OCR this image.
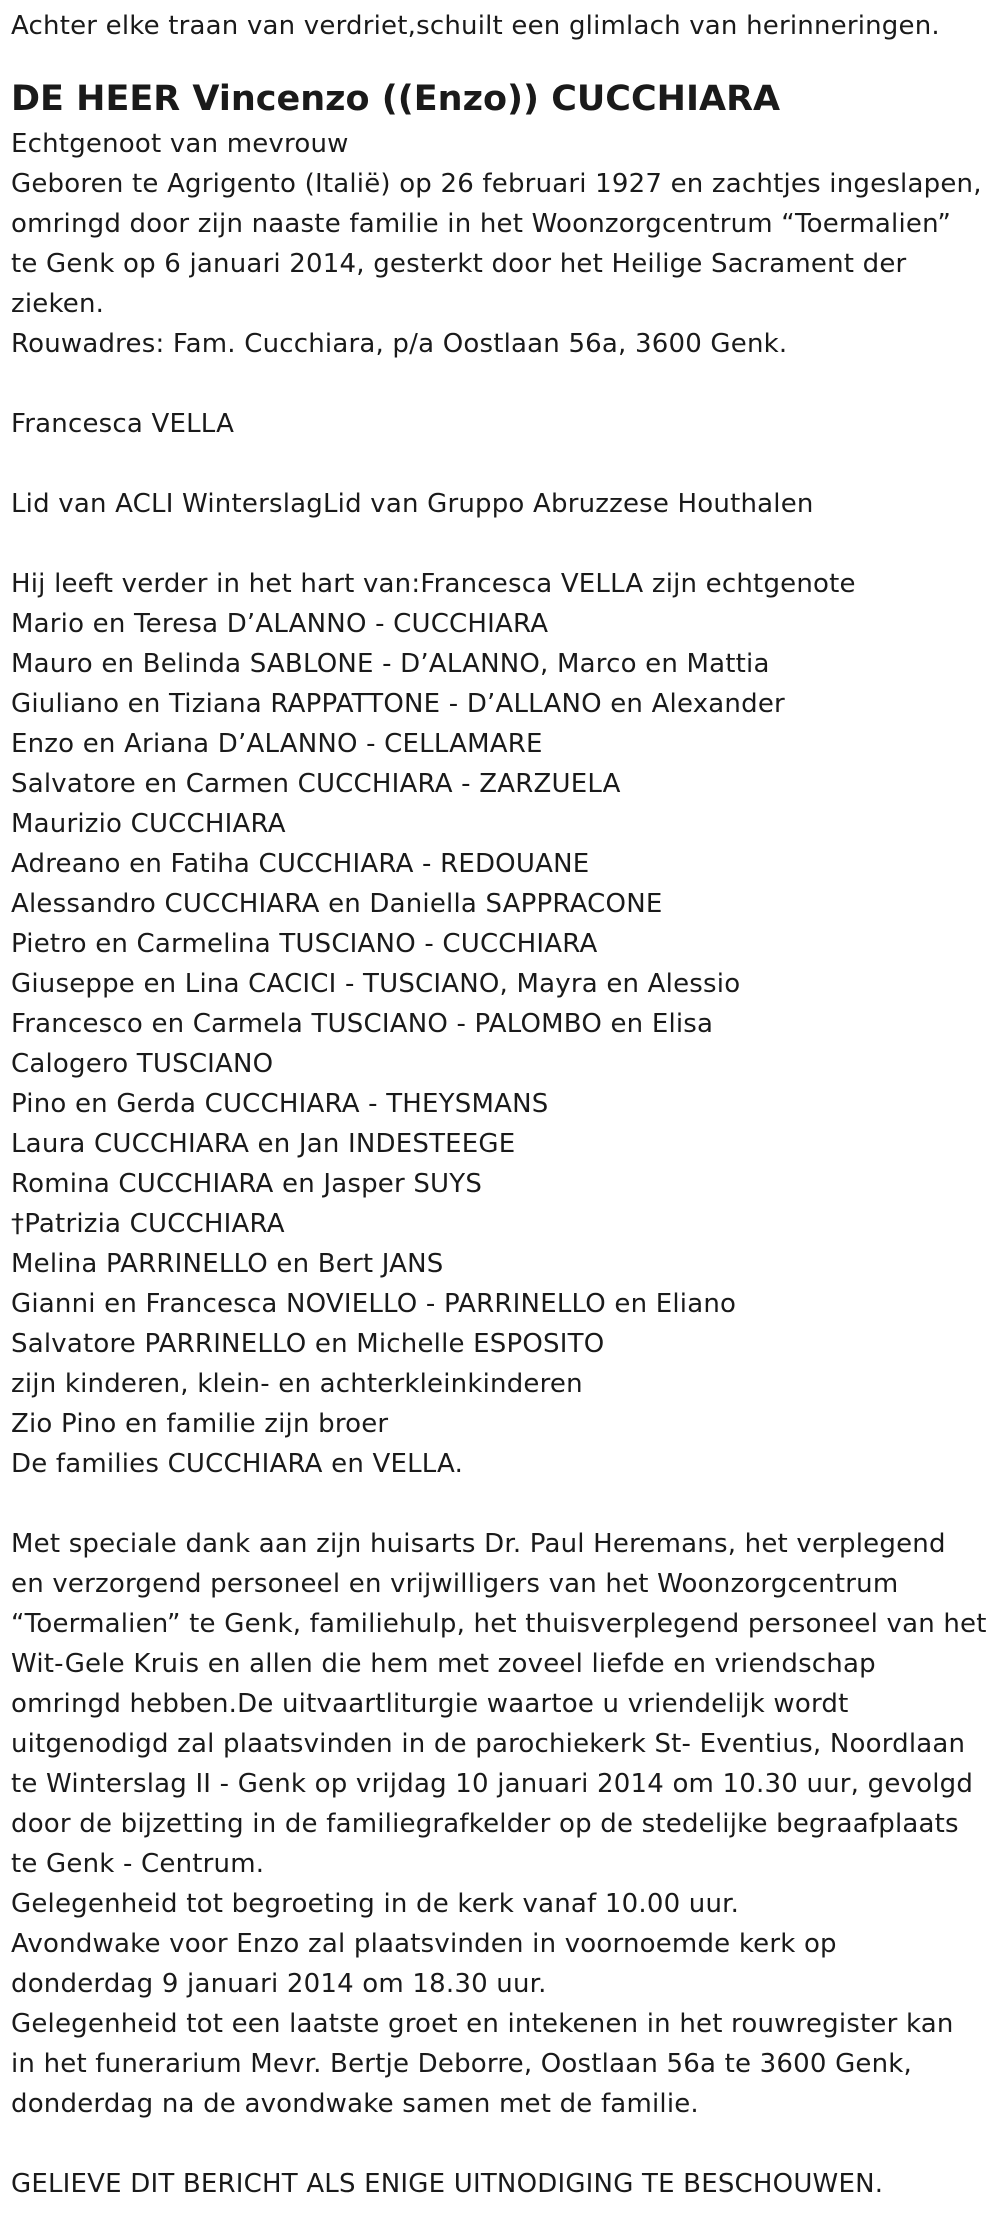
Achter elke traan van verdriet,schuilt een glimlach van herinneringen.
DE HEER Vincenzo ((Enzo)) CUCCHIARA
Echtgenoot van mevrouw
Geboren te Agrigento (Italië) op 26 februari 1927 en zachtjes ingeslapen,
omringd door zijn naaste familie in het Woonzorgcentrum “Toermalien”
te Genk op 6 januari 2014, gesterkt door het Heilige Sacrament der
zieken.
Rouwadres: Fam. Cucchiara, p/a Oostlaan 56a, 3600 Genk.
Francesca VELLA
Lid van ACLI WinterslagLid van Gruppo Abruzzese Houthalen
Hij leeft verder in het hart van:Francesca VELLA zijn echtgenote
Mario en Teresa D’ALANNO - CUCCHIARA
Mauro en Belinda SABLONE - D’ALANNO, Marco en Mattia
Giuliano en Tiziana RAPPATTONE - D’ALLANO en Alexander
Enzo en Ariana D’ALANNO - CELLAMARE
Salvatore en Carmen CUCCHIARA - ZARZUELA
Maurizio CUCCHIARA
Adreano en Fatiha CUCCHIARA - REDOUANE
Alessandro CUCCHIARA en Daniella SAPPRACONE
Pietro en Carmelina TUSCIANO - CUCCHIARA
Giuseppe en Lina CACICI - TUSCIANO, Mayra en Alessio
Francesco en Carmela TUSCIANO - PALOMBO en Elisa
Calogero TUSCIANO
Pino en Gerda CUCCHIARA - THEYSMANS
Laura CUCCHIARA en Jan INDESTEEGE
Romina CUCCHIARA en Jasper SUYS
†Patrizia CUCCHIARA
Melina PARRINELLO en Bert JANS
Gianni en Francesca NOVIELLO - PARRINELLO en Eliano
Salvatore PARRINELLO en Michelle ESPOSITO
zijn kinderen, klein- en achterkleinkinderen
Zio Pino en familie zijn broer
De families CUCCHIARA en VELLA.
Met speciale dank aan zijn huisarts Dr. Paul Heremans, het verplegend
en verzorgend personeel en vrijwilligers van het Woonzorgcentrum
“Toermalien” te Genk, familiehulp, het thuisverplegend personeel van het
Wit-Gele Kruis en allen die hem met zoveel liefde en vriendschap
omringd hebben.De uitvaartliturgie waartoe u vriendelijk wordt
uitgenodigd zal plaatsvinden in de parochiekerk St- Eventius, Noordlaan
te Winterslag II - Genk op vrijdag 10 januari 2014 om 10.30 uur, gevolgd
door de bijzetting in de familiegrafkelder op de stedelijke begraafplaats
te Genk - Centrum.
Gelegenheid tot begroeting in de kerk vanaf 10.00 uur.
Avondwake voor Enzo zal plaatsvinden in voornoemde kerk op
donderdag 9 januari 2014 om 18.30 uur.
Gelegenheid tot een laatste groet en intekenen in het rouwregister kan
in het funerarium Mevr. Bertje Deborre, Oostlaan 56a te 3600 Genk,
donderdag na de avondwake samen met de familie.
GELIEVE DIT BERICHT ALS ENIGE UITNODIGING TE BESCHOUWEN.
